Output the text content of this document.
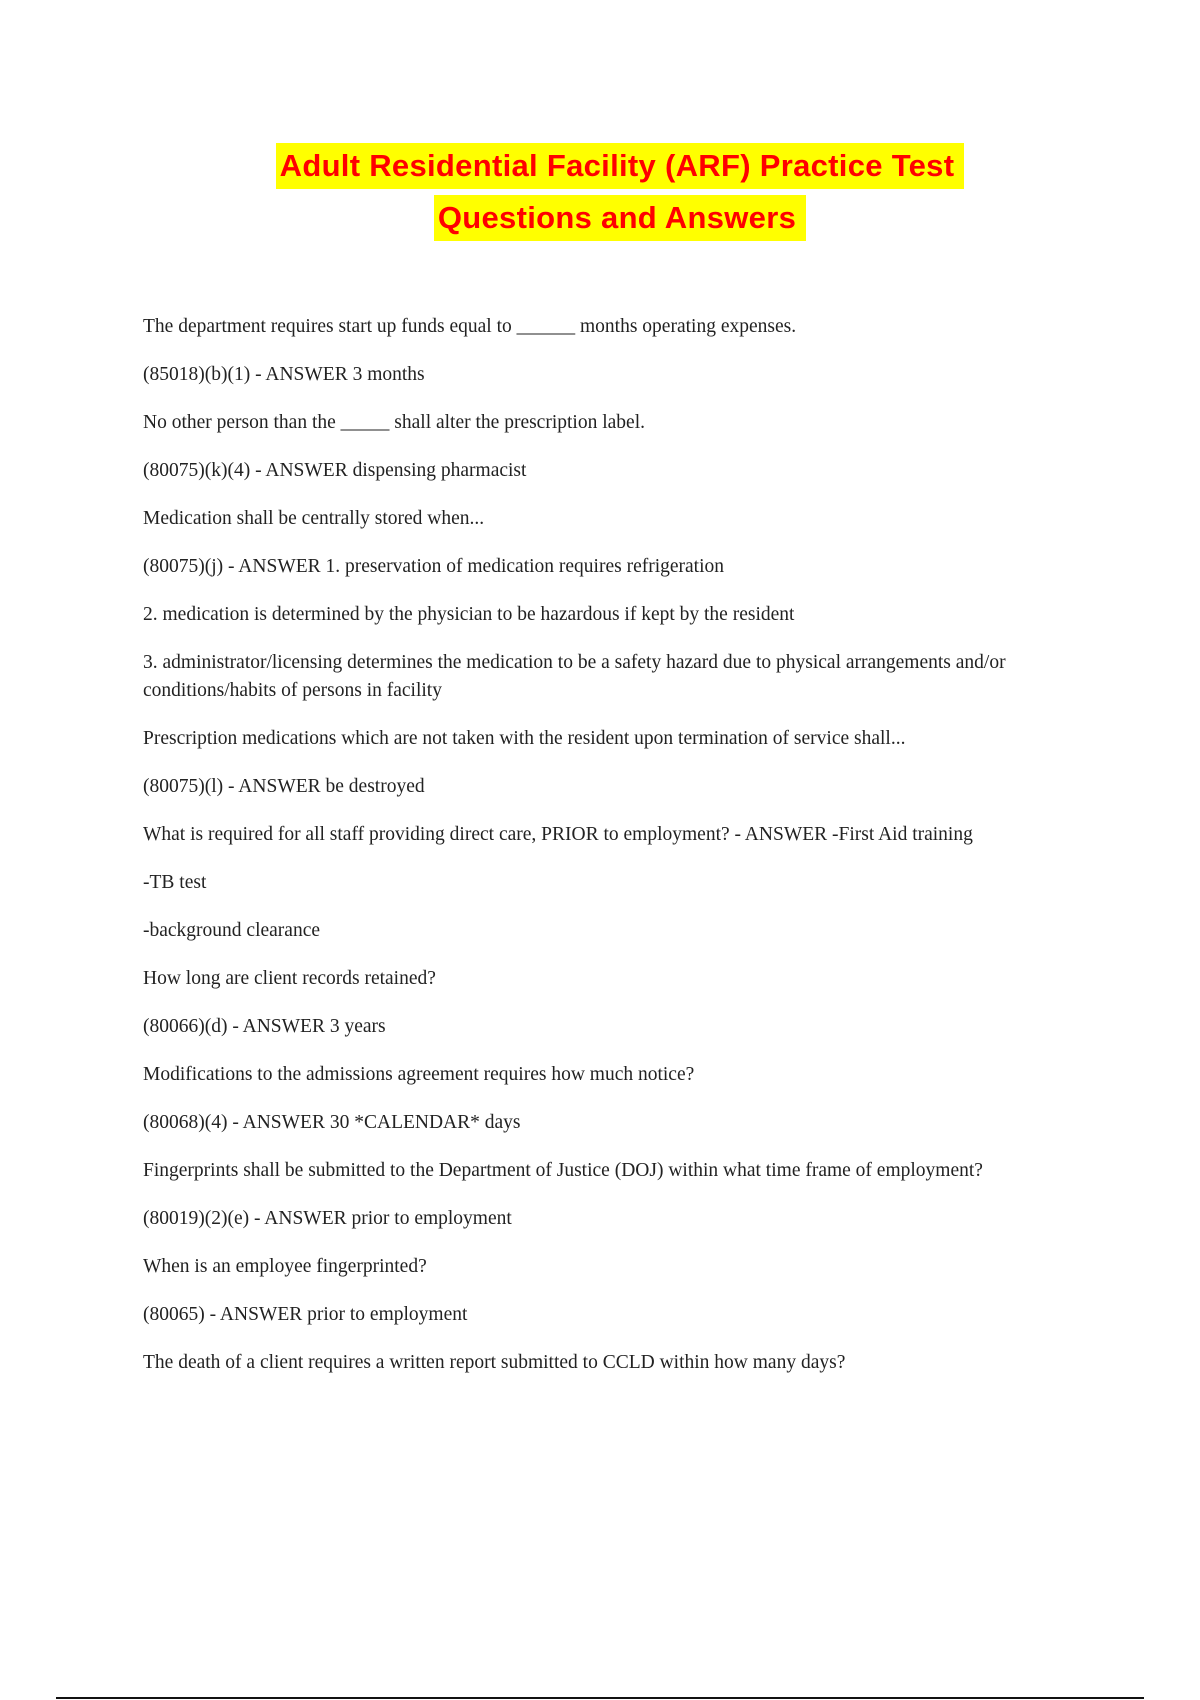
Adult Residential Facility (ARF) Practice Test
Questions and Answers

The department requires start up funds equal to ______ months operating expenses.

(85018)(b)(1) - ANSWER 3 months

No other person than the _____ shall alter the prescription label.

(80075)(k)(4) - ANSWER dispensing pharmacist

Medication shall be centrally stored when...

(80075)(j) - ANSWER 1. preservation of medication requires refrigeration

2. medication is determined by the physician to be hazardous if kept by the resident

3. administrator/licensing determines the medication to be a safety hazard due to physical arrangements and/or conditions/habits of persons in facility

Prescription medications which are not taken with the resident upon termination of service shall...

(80075)(l) - ANSWER be destroyed

What is required for all staff providing direct care, PRIOR to employment? - ANSWER -First Aid training

-TB test

-background clearance

How long are client records retained?

(80066)(d) - ANSWER 3 years

Modifications to the admissions agreement requires how much notice?

(80068)(4) - ANSWER 30 *CALENDAR* days

Fingerprints shall be submitted to the Department of Justice (DOJ) within what time frame of employment?

(80019)(2)(e) - ANSWER prior to employment

When is an employee fingerprinted?

(80065) - ANSWER prior to employment

The death of a client requires a written report submitted to CCLD within how many days?
